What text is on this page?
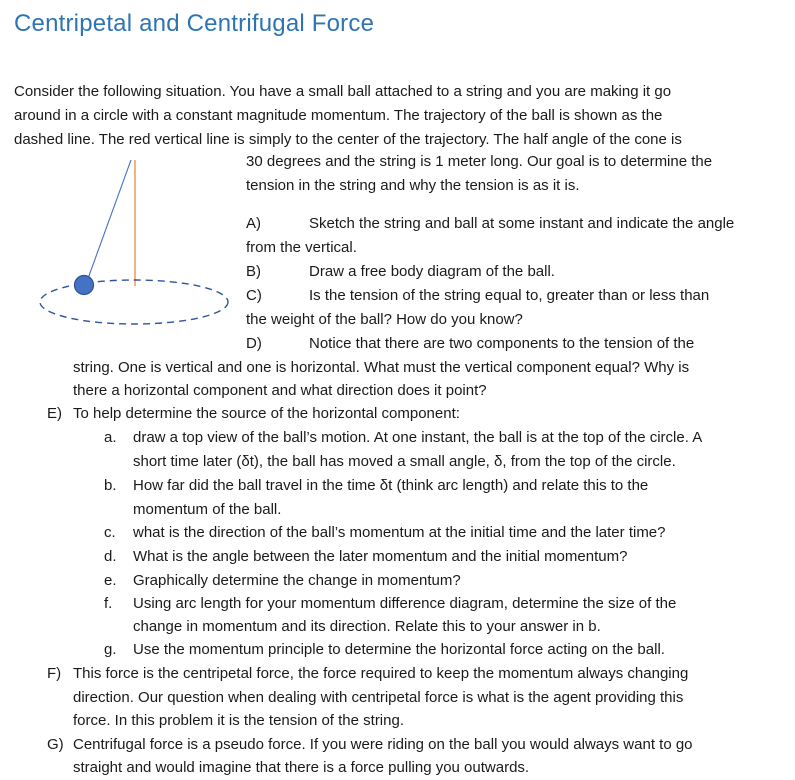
Centripetal and Centrifugal Force
Consider the following situation. You have a small ball attached to a string and you are making it go
around in a circle with a constant magnitude momentum. The trajectory of the ball is shown as the
dashed line. The red vertical line is simply to the center of the trajectory. The half angle of the cone is
30 degrees and the string is 1 meter long. Our goal is to determine the
tension in the string and why the tension is as it is.
A)	Sketch the string and ball at some instant and indicate the angle
from the vertical.
B)	Draw a free body diagram of the ball.
C)	Is the tension of the string equal to, greater than or less than
the weight of the ball? How do you know?
D)	Notice that there are two components to the tension of the
string. One is vertical and one is horizontal. What must the vertical component equal? Why is
there a horizontal component and what direction does it point?
E) To help determine the source of the horizontal component:
a. draw a top view of the ball’s motion. At one instant, the ball is at the top of the circle. A
short time later (δt), the ball has moved a small angle, δ, from the top of the circle.
b. How far did the ball travel in the time δt (think arc length) and relate this to the
momentum of the ball.
c. what is the direction of the ball’s momentum at the initial time and the later time?
d. What is the angle between the later momentum and the initial momentum?
e. Graphically determine the change in momentum?
f. Using arc length for your momentum difference diagram, determine the size of the
change in momentum and its direction. Relate this to your answer in b.
g. Use the momentum principle to determine the horizontal force acting on the ball.
F) This force is the centripetal force, the force required to keep the momentum always changing
direction. Our question when dealing with centripetal force is what is the agent providing this
force. In this problem it is the tension of the string.
G) Centrifugal force is a pseudo force. If you were riding on the ball you would always want to go
straight and would imagine that there is a force pulling you outwards.
